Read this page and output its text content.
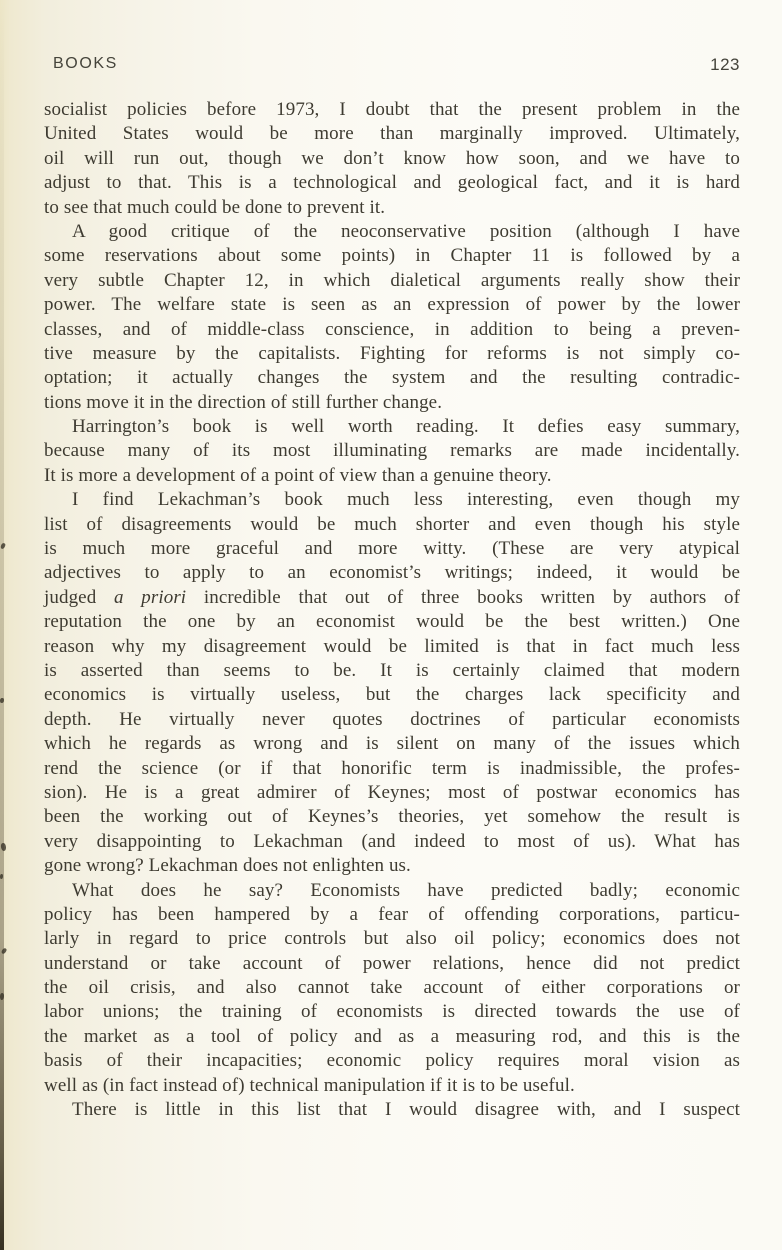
BOOKS	123
socialist policies before 1973, I doubt that the present problem in the
United States would be more than marginally improved. Ultimately,
oil will run out, though we don’t know how soon, and we have to
adjust to that. This is a technological and geological fact, and it is hard
to see that much could be done to prevent it.
A good critique of the neoconservative position (although I have
some reservations about some points) in Chapter 11 is followed by a
very subtle Chapter 12, in which dialetical arguments really show their
power. The welfare state is seen as an expression of power by the lower
classes, and of middle-class conscience, in addition to being a preven-
tive measure by the capitalists. Fighting for reforms is not simply co-
optation; it actually changes the system and the resulting contradic-
tions move it in the direction of still further change.
Harrington’s book is well worth reading. It defies easy summary,
because many of its most illuminating remarks are made incidentally.
It is more a development of a point of view than a genuine theory.
I find Lekachman’s book much less interesting, even though my
list of disagreements would be much shorter and even though his style
is much more graceful and more witty. (These are very atypical
adjectives to apply to an economist’s writings; indeed, it would be
judged a priori incredible that out of three books written by authors of
reputation the one by an economist would be the best written.) One
reason why my disagreement would be limited is that in fact much less
is asserted than seems to be. It is certainly claimed that modern
economics is virtually useless, but the charges lack specificity and
depth. He virtually never quotes doctrines of particular economists
which he regards as wrong and is silent on many of the issues which
rend the science (or if that honorific term is inadmissible, the profes-
sion). He is a great admirer of Keynes; most of postwar economics has
been the working out of Keynes’s theories, yet somehow the result is
very disappointing to Lekachman (and indeed to most of us). What has
gone wrong? Lekachman does not enlighten us.
What does he say? Economists have predicted badly; economic
policy has been hampered by a fear of offending corporations, particu-
larly in regard to price controls but also oil policy; economics does not
understand or take account of power relations, hence did not predict
the oil crisis, and also cannot take account of either corporations or
labor unions; the training of economists is directed towards the use of
the market as a tool of policy and as a measuring rod, and this is the
basis of their incapacities; economic policy requires moral vision as
well as (in fact instead of) technical manipulation if it is to be useful.
There is little in this list that I would disagree with, and I suspect
